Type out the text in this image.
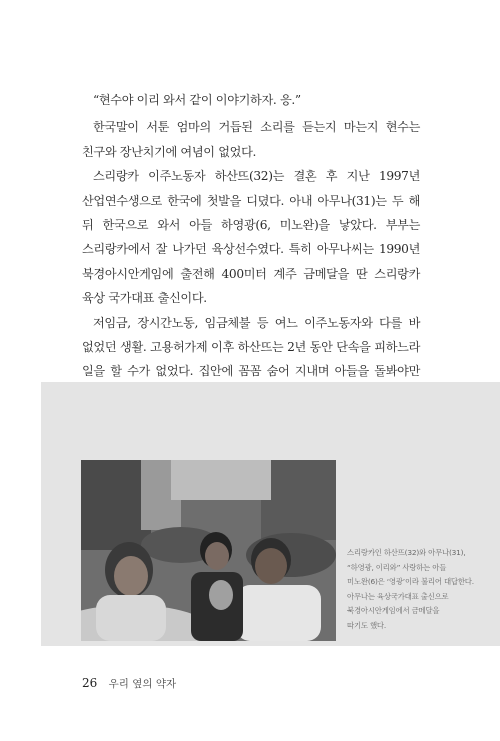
“현수야 이리 와서 같이 이야기하자. 응.”

한국말이 서툰 엄마의 거듭된 소리를 듣는지 마는지 현수는 친구와 장난치기에 여념이 없었다.

스리랑카 이주노동자 하산뜨(32)는 결혼 후 지난 1997년 산업연수생으로 한국에 첫발을 디뎠다. 아내 아무나(31)는 두 해 뒤 한국으로 와서 아들 하영광(6, 미노완)을 낳았다. 부부는 스리랑카에서 잘 나가던 육상선수였다. 특히 아무나씨는 1990년 북경아시안게임에 출전해 400미터 계주 금메달을 딴 스리랑카 육상 국가대표 출신이다.

저임금, 장시간노동, 임금체불 등 여느 이주노동자와 다를 바 없었던 생활. 고용허가제 이후 하산뜨는 2년 동안 단속을 피하느라 일을 할 수가 없었다. 집안에 꼼꼼 숨어 지내며 아들을 돌봐야만

스리랑카인 하산뜨(32)와 아무나(31),
“하영광, 이리와” 사랑하는 아들
미노완(6)은 ‘영광’이라 불리어 대답한다.
아무나는 육상국가대표 출신으로
북경아시안게임에서 금메달을
따기도 했다.
26 우리 옆의 약자
